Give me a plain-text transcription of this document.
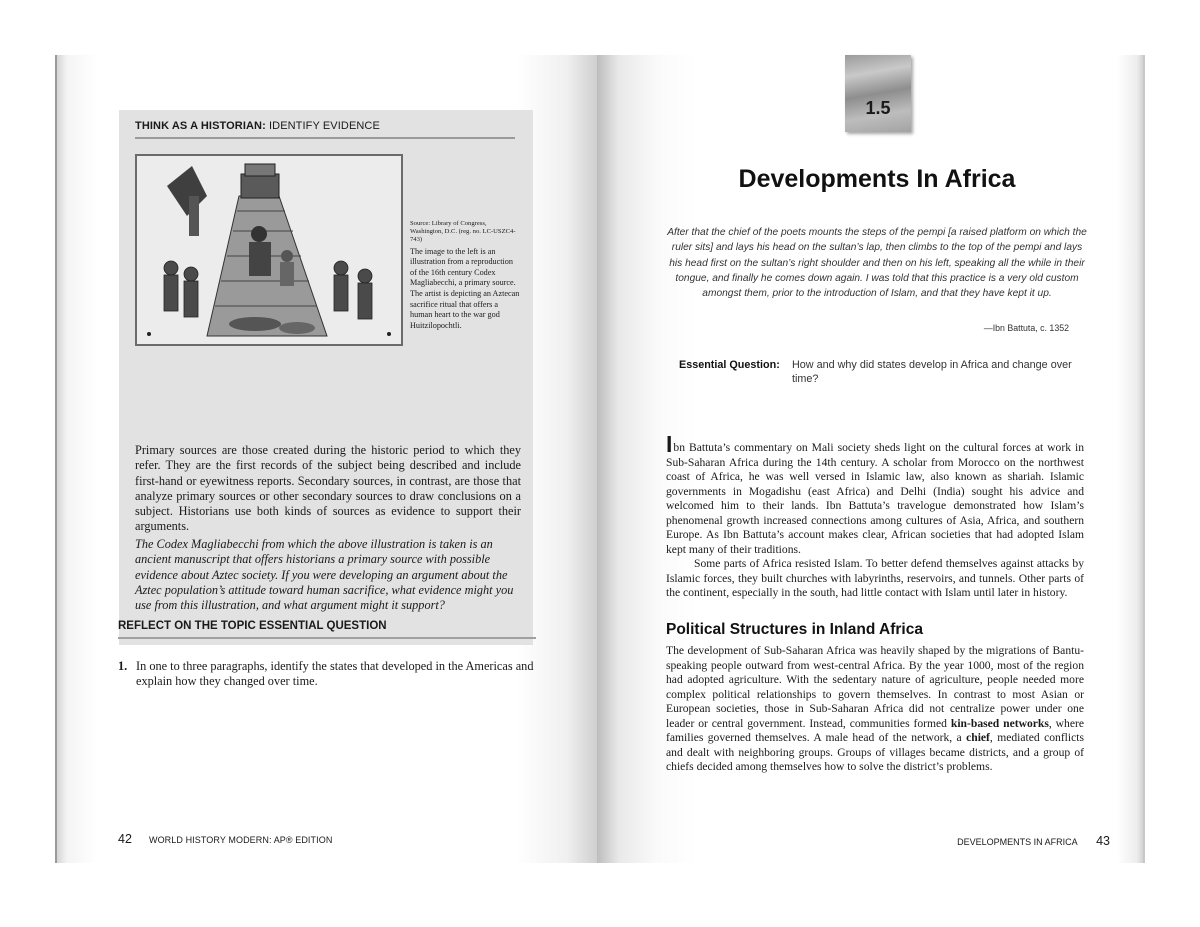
THINK AS A HISTORIAN: IDENTIFY EVIDENCE
Source: Library of Congress, Washington, D.C. (reg. no. LC-USZC4-743)
The image to the left is an illustration from a reproduction of the 16th century Codex Magliabecchi, a primary source. The artist is depicting an Aztecan sacrifice ritual that offers a human heart to the war god Huitzilopochtli.
Primary sources are those created during the historic period to which they refer. They are the first records of the subject being described and include first-hand or eyewitness reports. Secondary sources, in contrast, are those that analyze primary sources or other secondary sources to draw conclusions on a subject. Historians use both kinds of sources as evidence to support their arguments.
The Codex Magliabecchi from which the above illustration is taken is an ancient manuscript that offers historians a primary source with possible evidence about Aztec society. If you were developing an argument about the Aztec population’s attitude toward human sacrifice, what evidence might you use from this illustration, and what argument might it support?
REFLECT ON THE TOPIC ESSENTIAL QUESTION
1. In one to three paragraphs, identify the states that developed in the Americas and explain how they changed over time.
42 WORLD HISTORY MODERN: AP® EDITION
1.5
Developments In Africa
After that the chief of the poets mounts the steps of the pempi [a raised platform on which the ruler sits] and lays his head on the sultan’s lap, then climbs to the top of the pempi and lays his head first on the sultan’s right shoulder and then on his left, speaking all the while in their tongue, and finally he comes down again. I was told that this practice is a very old custom amongst them, prior to the introduction of Islam, and that they have kept it up.
—Ibn Battuta, c. 1352
Essential Question: How and why did states develop in Africa and change over time?
Ibn Battuta’s commentary on Mali society sheds light on the cultural forces at work in Sub-Saharan Africa during the 14th century. A scholar from Morocco on the northwest coast of Africa, he was well versed in Islamic law, also known as shariah. Islamic governments in Mogadishu (east Africa) and Delhi (India) sought his advice and welcomed him to their lands. Ibn Battuta’s travelogue demonstrated how Islam’s phenomenal growth increased connections among cultures of Asia, Africa, and southern Europe. As Ibn Battuta’s account makes clear, African societies that had adopted Islam kept many of their traditions.
Some parts of Africa resisted Islam. To better defend themselves against attacks by Islamic forces, they built churches with labyrinths, reservoirs, and tunnels. Other parts of the continent, especially in the south, had little contact with Islam until later in history.
Political Structures in Inland Africa
The development of Sub-Saharan Africa was heavily shaped by the migrations of Bantu-speaking people outward from west-central Africa. By the year 1000, most of the region had adopted agriculture. With the sedentary nature of agriculture, people needed more complex political relationships to govern themselves. In contrast to most Asian or European societies, those in Sub-Saharan Africa did not centralize power under one leader or central government. Instead, communities formed kin-based networks, where families governed themselves. A male head of the network, a chief, mediated conflicts and dealt with neighboring groups. Groups of villages became districts, and a group of chiefs decided among themselves how to solve the district’s problems.
DEVELOPMENTS IN AFRICA 43
